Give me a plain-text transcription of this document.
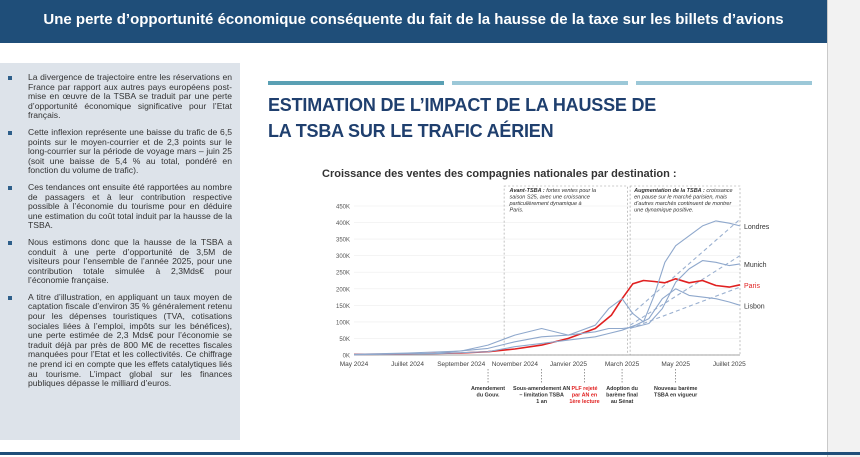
Une perte d’opportunité économique conséquente du fait de la hausse de la taxe sur les billets d’avions
La divergence de trajectoire entre les réservations en France par rapport aux autres pays européens post-mise en œuvre de la TSBA se traduit par une perte d’opportunité économique significative pour l’Etat français.
Cette inflexion représente une baisse du trafic de 6,5 points sur le moyen-courrier et de 2,3 points sur le long-courrier sur la période de voyage mars – juin 25 (soit une baisse de 5,4 % au total, pondéré en fonction du volume de trafic).
Ces tendances ont ensuite été rapportées au nombre de passagers et à leur contribution respective possible à l’économie du tourisme pour en déduire une estimation du coût total induit par la hausse de la TSBA.
Nous estimons donc que la hausse de la TSBA a conduit à une perte d’opportunité de 3,5M de visiteurs pour l’ensemble de l’année 2025, pour une contribution totale simulée à 2,3Mds€ pour l’économie française.
A titre d’illustration, en appliquant un taux moyen de captation fiscale d’environ 35 % généralement retenu pour les dépenses touristiques (TVA, cotisations sociales liées à l’emploi, impôts sur les bénéfices), une perte estimée de 2,3 Mds€ pour l’économie se traduit déjà par près de 800 M€ de recettes fiscales manquées pour l’Etat et les collectivités. Ce chiffrage ne prend ici en compte que les effets catalytiques liés au tourisme. L’impact global sur les finances publiques dépasse le milliard d’euros.
ESTIMATION DE L’IMPACT DE LA HAUSSE DE
LA TSBA SUR LE TRAFIC AÉRIEN
Croissance des ventes des compagnies nationales par destination :
0K
50K
100K
150K
200K
250K
300K
350K
400K
450K
May 2024	Juillet 2024 September 2024 November 2024 Janvier 2025	March 2025	May 2025	Juillet 2025
Avant-TSBA : fortes ventes pour la saison S25, avec une croissance particulièrement dynamique à Paris.
Augmentation de la TSBA : croissance en pause sur le marché parisien, mais d’autres marchés continuent de montrer une dynamique positive.
Paris
Londres
Munich
Lisbon
Amendement du Gouv.
Sous-amendement AN – limitation TSBA 1 an
PLF rejeté par AN en 1ère lecture
Adoption du barème final au Sénat
Nouveau barème TSBA en vigueur
